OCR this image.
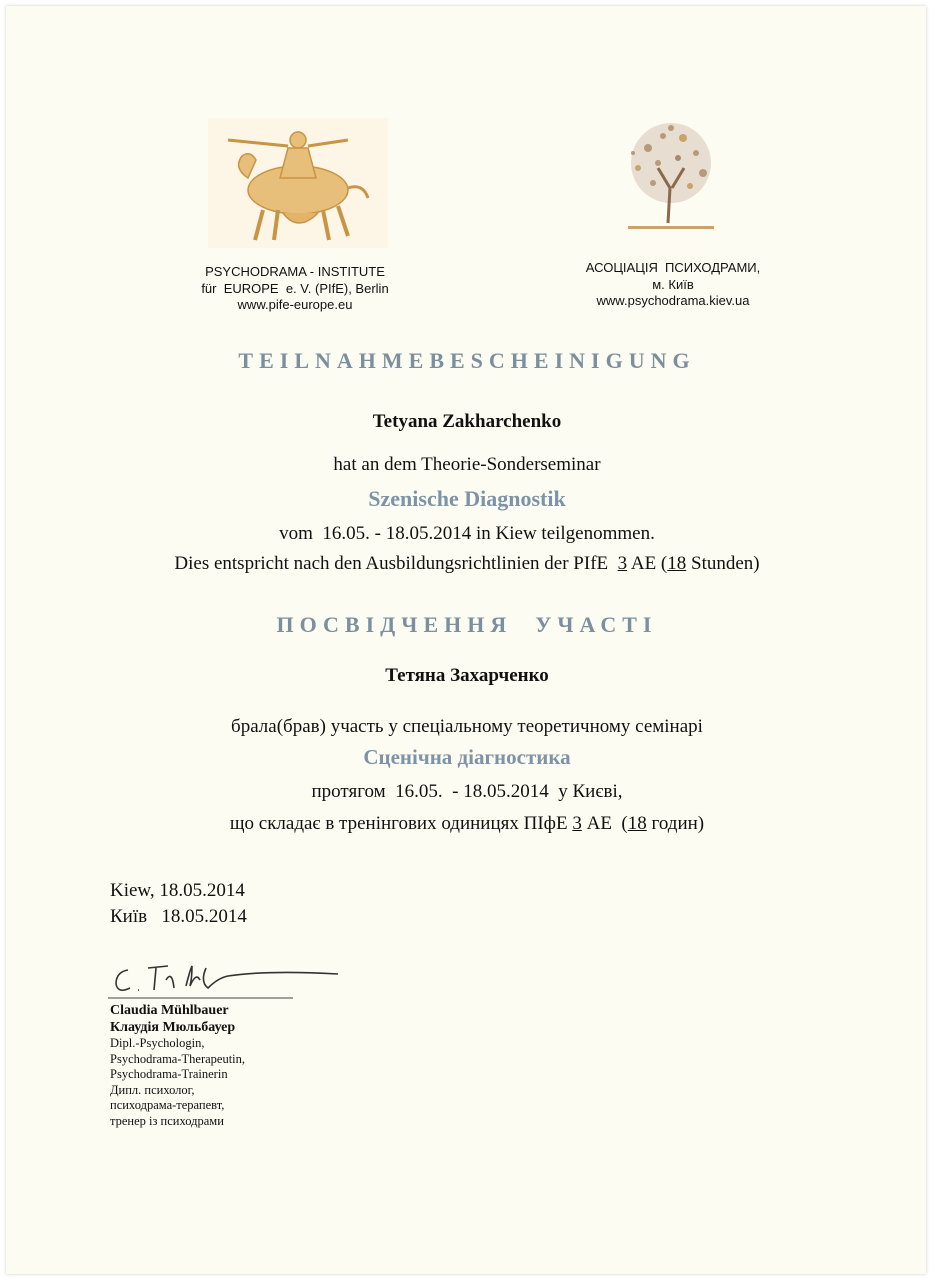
PSYCHODRAMA - INSTITUTE
für  EUROPE  e. V. (PIfE), Berlin
www.pife-europe.eu
АСОЦІАЦІЯ  ПСИХОДРАМИ,
м. Київ
www.psychodrama.kiev.ua
TEILNAHMEBESCHEINIGUNG
Tetyana Zakharchenko
hat an dem Theorie-Sonderseminar
Szenische Diagnostik
vom  16.05. - 18.05.2014 in Kiew teilgenommen.
Dies entspricht nach den Ausbildungsrichtlinien der PIfE  3 AE (18 Stunden)
ПОСВІДЧЕННЯ  УЧАСТІ
Тетяна Захарченко
брала(брав) участь у спеціальному теоретичному семінарі
Сценічна діагностика
протягом  16.05.  - 18.05.2014  у Києві,
що складає в тренінгових одиницях ПІфЕ 3 АЕ  (18 годин)
Kiew, 18.05.2014
Київ   18.05.2014
Claudia Mühlbauer
Клаудія Мюльбауер
Dipl.-Psychologin,
Psychodrama-Therapeutin,
Psychodrama-Trainerin
Дипл. психолог,
психодрама-терапевт,
тренер із психодрами
